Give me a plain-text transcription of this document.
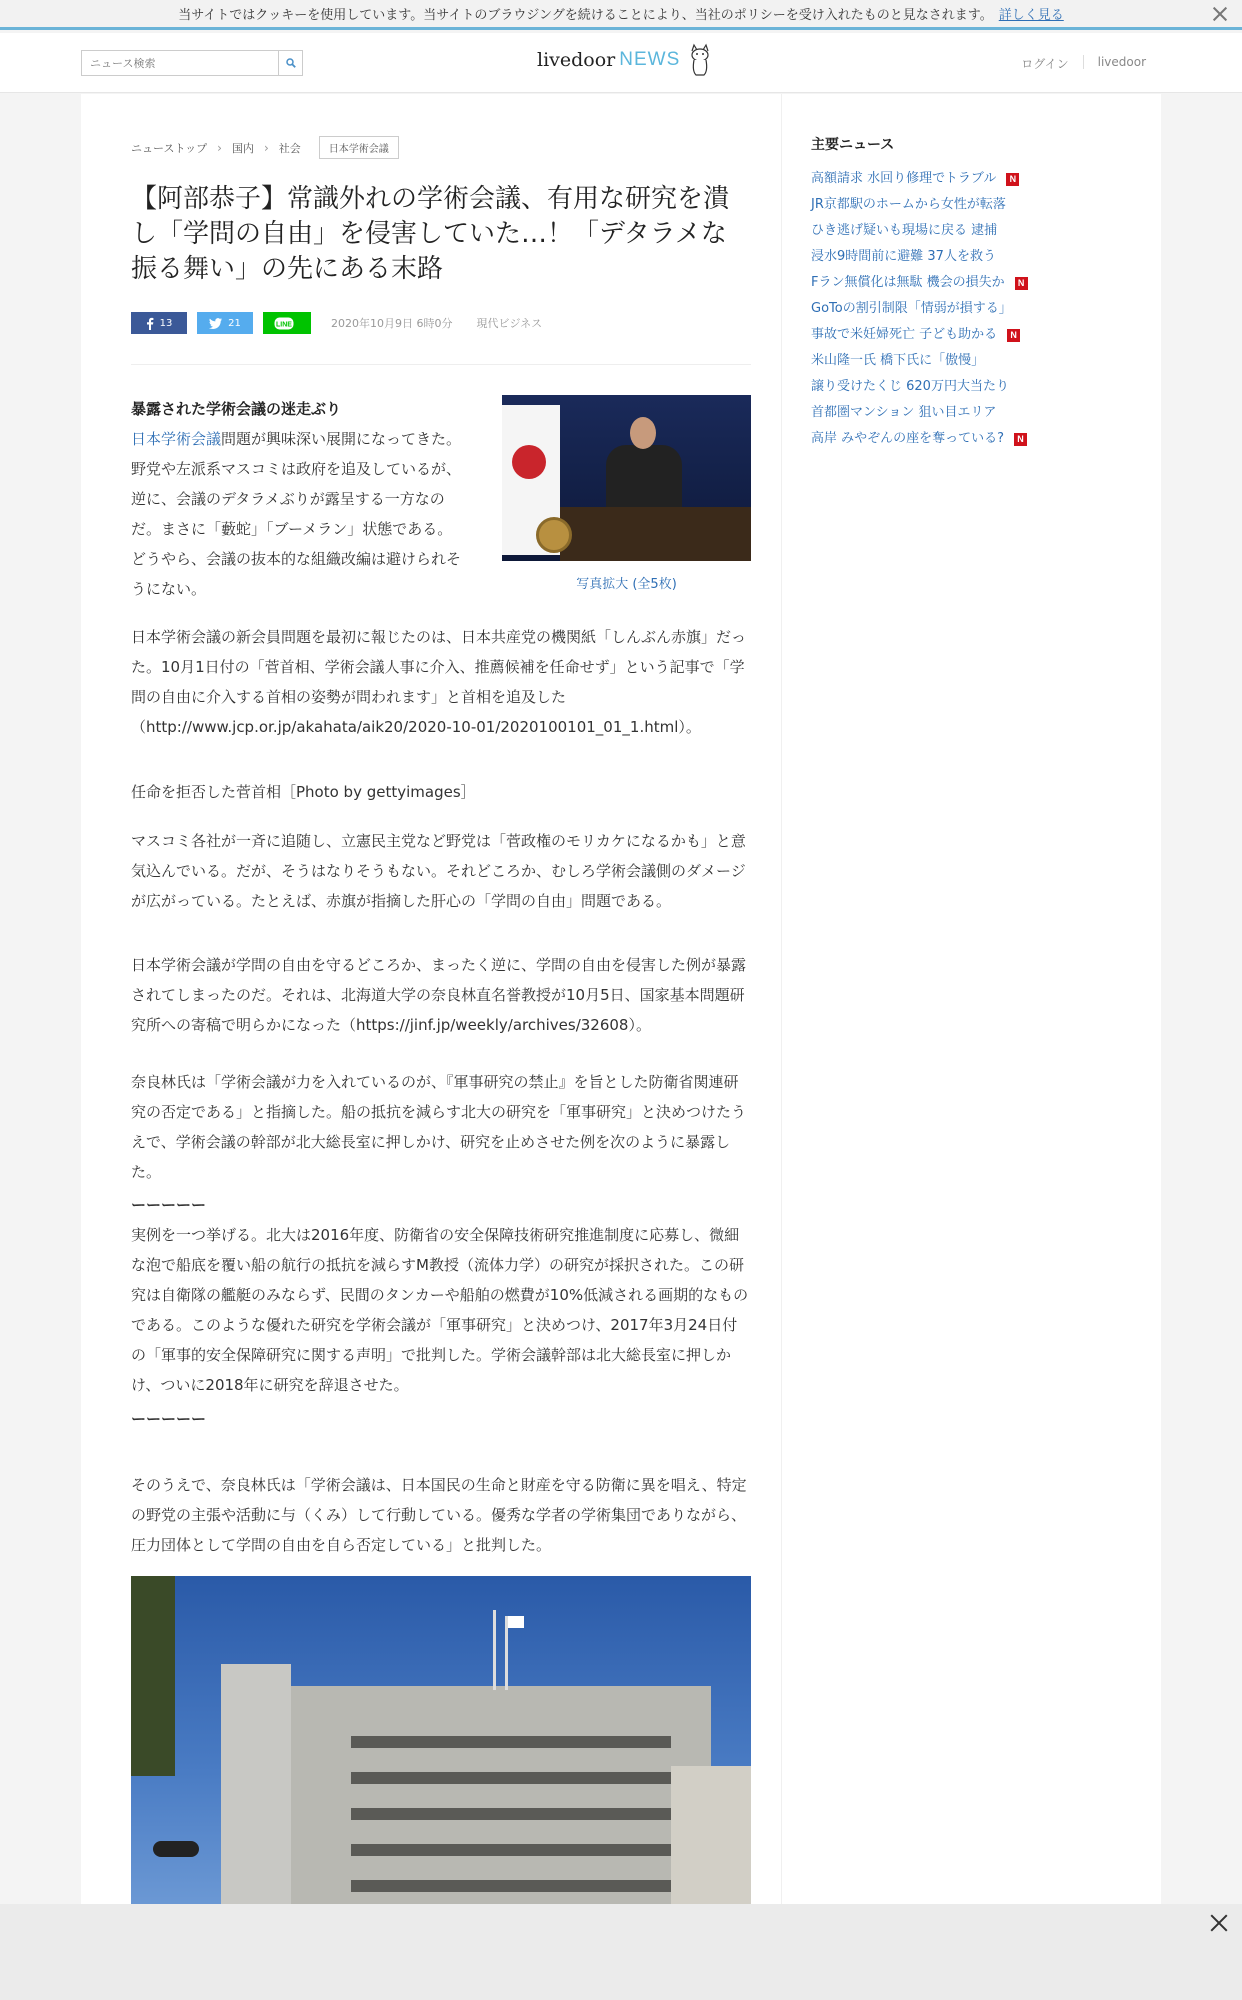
当サイトではクッキーを使用しています。当サイトのブラウジングを続けることにより、当社のポリシーを受け入れたものと見なされます。 詳しく見る
ニュース検索
livedoor NEWS	ログイン	livedoor
ニューストップ › 国内 › 社会	日本学術会議
【阿部恭子】常識外れの学術会議、有用な研究を潰し「学問の自由」を侵害していた…！「デタラメな振る舞い」の先にある末路
13	21	LINE	2020年10月9日 6時0分 現代ビジネス
写真拡大 (全5枚)
暴露された学術会議の迷走ぶり

日本学術会議問題が興味深い展開になってきた。野党や左派系マスコミは政府を追及しているが、逆に、会議のデタラメぶりが露呈する一方なのだ。まさに「藪蛇」「ブーメラン」状態である。どうやら、会議の抜本的な組織改編は避けられそうにない。

日本学術会議の新会員問題を最初に報じたのは、日本共産党の機関紙「しんぶん赤旗」だった。10月1日付の「菅首相、学術会議人事に介入、推薦候補を任命せず」という記事で「学問の自由に介入する首相の姿勢が問われます」と首相を追及した（http://www.jcp.or.jp/akahata/aik20/2020-10-01/2020100101_01_1.html）。

任命を拒否した菅首相［Photo by gettyimages］

マスコミ各社が一斉に追随し、立憲民主党など野党は「菅政権のモリカケになるかも」と意気込んでいる。だが、そうはなりそうもない。それどころか、むしろ学術会議側のダメージが広がっている。たとえば、赤旗が指摘した肝心の「学問の自由」問題である。

日本学術会議が学問の自由を守るどころか、まったく逆に、学問の自由を侵害した例が暴露されてしまったのだ。それは、北海道大学の奈良林直名誉教授が10月5日、国家基本問題研究所への寄稿で明らかになった（https://jinf.jp/weekly/archives/32608）。

奈良林氏は「学術会議が力を入れているのが、『軍事研究の禁止』を旨とした防衛省関連研究の否定である」と指摘した。船の抵抗を減らす北大の研究を「軍事研究」と決めつけたうえで、学術会議の幹部が北大総長室に押しかけ、研究を止めさせた例を次のように暴露した。

ーーーーー

実例を一つ挙げる。北大は2016年度、防衛省の安全保障技術研究推進制度に応募し、微細な泡で船底を覆い船の航行の抵抗を減らすM教授（流体力学）の研究が採択された。この研究は自衛隊の艦艇のみならず、民間のタンカーや船舶の燃費が10%低減される画期的なものである。このような優れた研究を学術会議が「軍事研究」と決めつけ、2017年3月24日付の「軍事的安全保障研究に関する声明」で批判した。学術会議幹部は北大総長室に押しかけ、ついに2018年に研究を辞退させた。

ーーーーー

そのうえで、奈良林氏は「学術会議は、日本国民の生命と財産を守る防衛に異を唱え、特定の野党の主張や活動に与（くみ）して行動している。優秀な学者の学術集団でありながら、圧力団体として学問の自由を自ら否定している」と批判した。

主要ニュース
高額請求 水回り修理でトラブル	N
JR京都駅のホームから女性が転落
ひき逃げ疑いも現場に戻る 逮捕
浸水9時間前に避難 37人を救う
Fラン無償化は無駄 機会の損失か	N
GoToの割引制限「情弱が損する」
事故で米妊婦死亡 子ども助かる	N
米山隆一氏 橋下氏に「傲慢」
譲り受けたくじ 620万円大当たり
首都圏マンション 狙い目エリア
高岸 みやぞんの座を奪っている?	N
